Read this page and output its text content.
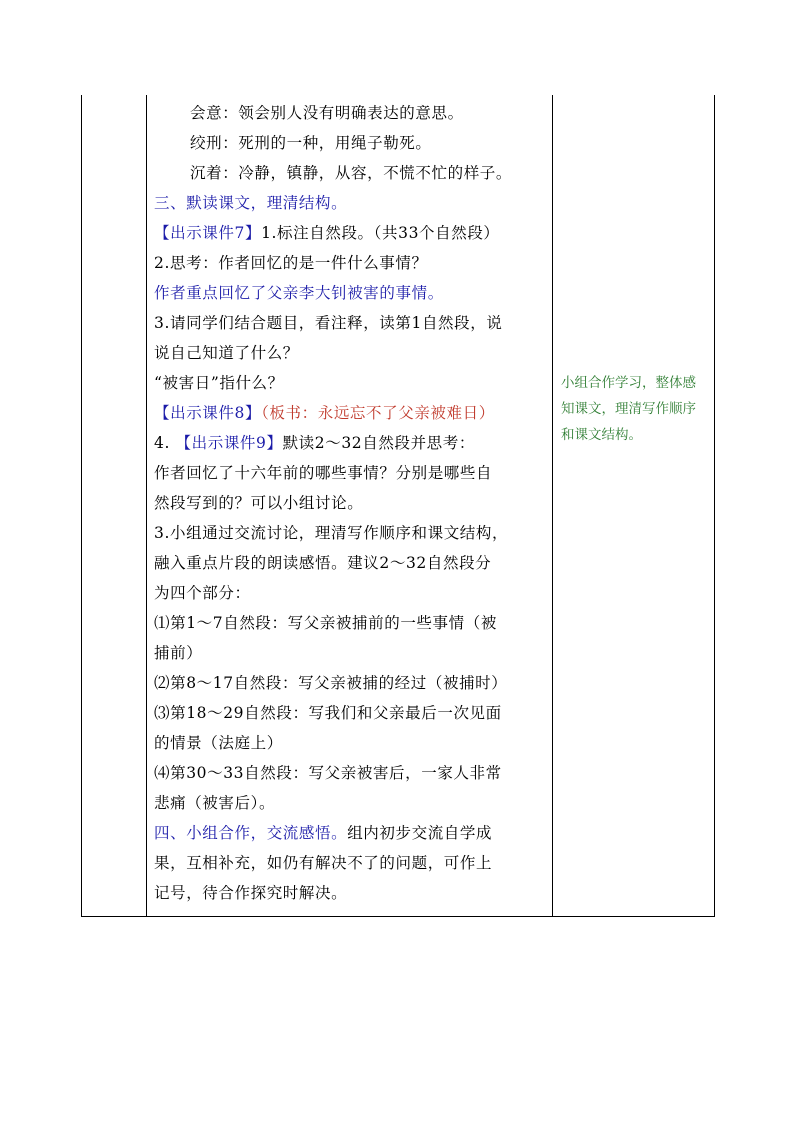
会意：领会别人没有明确表达的意思。
绞刑：死刑的一种，用绳子勒死。
沉着：冷静，镇静，从容，不慌不忙的样子。
三、默读课文，理清结构。
【出示课件7】1.标注自然段。（共33个自然段）
2.思考：作者回忆的是一件什么事情？
作者重点回忆了父亲李大钊被害的事情。
3.请同学们结合题目，看注释，读第1自然段，说
说自己知道了什么？
“被害日”指什么？
【出示课件8】（板书：永远忘不了父亲被难日）
4. 【出示课件9】默读2～32自然段并思考：
作者回忆了十六年前的哪些事情？分别是哪些自
然段写到的？可以小组讨论。
3.小组通过交流讨论，理清写作顺序和课文结构，
融入重点片段的朗读感悟。建议2～32自然段分
为四个部分：
⑴第1～7自然段：写父亲被捕前的一些事情（被
捕前）
⑵第8～17自然段：写父亲被捕的经过（被捕时）
⑶第18～29自然段：写我们和父亲最后一次见面
的情景（法庭上）
⑷第30～33自然段：写父亲被害后，一家人非常
悲痛（被害后）。
四、小组合作，交流感悟。组内初步交流自学成
果，互相补充，如仍有解决不了的问题，可作上
记号，待合作探究时解决。
小组合作学习，整体感
知课文，理清写作顺序
和课文结构。
